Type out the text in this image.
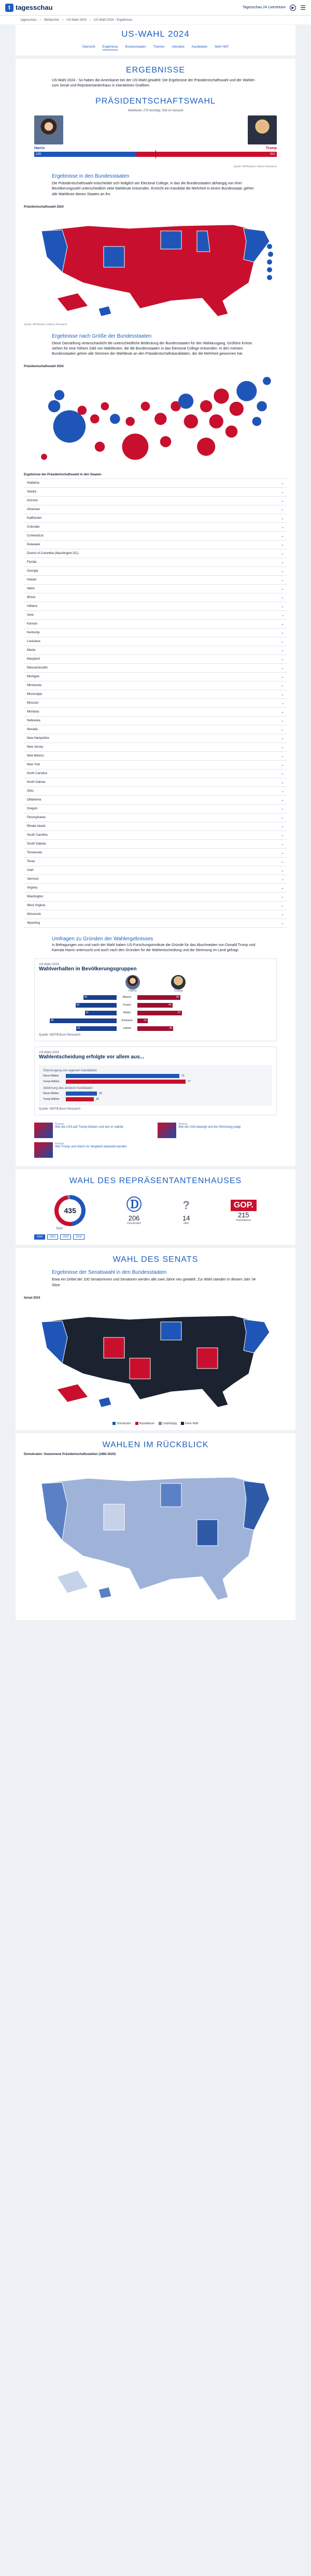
t tagesschau	Tagesschau 24 Livestream	▶ ☰
tagesschau › Wahlarchiv › US-Wahl 2024 › US-Wahl 2024 - Ergebnisse
US-WAHL 2024
Übersicht Ergebnisse Bundesstaaten Themen Interaktiv Kandidaten Mehr NEF
ERGEBNISSE
US-Wahl 2024 - So haben die Amerikaner bei der US-Wahl gewählt: Die Ergebnisse der Präsidentschaftswahl und der Wahlen zum Senat und Repräsentantenhaus in interaktiven Grafiken.
PRÄSIDENTSCHAFTSWAHL
Wahlleute: 270 benötigt, 538 im Gesamt
Harris	Trump
226	312
Quelle: AP/Reuters, Edison Research
Ergebnisse in den Bundesstaaten
Die Präsidentschaftswahl entscheidet sich lediglich am Electoral College, in das die Bundesstaaten abhängig von ihrer Bevölkerungszahl unterschiedlich viele Wahlleute entsenden. Erreicht ein Kandidat die Mehrheit in einem Bundesstaat, gehen alle Wahlleute dieses Staates an ihn.
Präsidentschaftswahl 2024
Quelle: AP/Reuters, Edison Research
Ergebnisse nach Größe der Bundesstaaten
Diese Darstellung veranschaulicht die unterschiedliche Bedeutung der Bundesstaaten für den Wahlausgang. Größere Kreise stehen für eine höhere Zahl von Wahlleuten, die die Bundesstaaten in das Electoral College entsenden. In den meisten Bundesstaaten gehen alle Stimmen der Wahlleute an den Präsidentschaftskandidaten, der die Mehrheit gewonnen hat.
Präsidentschaftswahl 2024
Ergebnisse der Präsidentschaftswahl in den Staaten
Alabama	⌄
Alaska	⌄
Arizona	⌄
Arkansas	⌄
Kalifornien	⌄
Colorado	⌄
Connecticut	⌄
Delaware	⌄
District of Columbia (Washington DC)	⌄
Florida	⌄
Georgia	⌄
Hawaii	⌄
Idaho	⌄
Illinois	⌄
Indiana	⌄
Iowa	⌄
Kansas	⌄
Kentucky	⌄
Louisiana	⌄
Maine	⌄
Maryland	⌄
Massachusetts	⌄
Michigan	⌄
Minnesota	⌄
Mississippi	⌄
Missouri	⌄
Montana	⌄
Nebraska	⌄
Nevada	⌄
New Hampshire	⌄
New Jersey	⌄
New Mexico	⌄
New York	⌄
North Carolina	⌄
North Dakota	⌄
Ohio	⌄
Oklahoma	⌄
Oregon	⌄
Pennsylvania	⌄
Rhode Island	⌄
South Carolina	⌄
South Dakota	⌄
Tennessee	⌄
Texas	⌄
Utah	⌄
Vermont	⌄
Virginia	⌄
Washington	⌄
West Virginia	⌄
Wisconsin	⌄
Wyoming	⌄
Umfragen zu Gründen der Wahlergebnisses
In Befragungen von und nach der Wahl haben US-Forschungsinstitute die Gründe für das Abschneiden von Donald Trump und Kamala Harris untersucht und auch nach den Gründen für die Wahlentscheidung und die Stimmung im Land gefragt.
US-Wahl 2024
Wahlverhalten in Bevölkerungsgruppen
Harris	Trump
43	Männer	55
53	Frauen	45
41	Weiße	57
86	Schwarze	13
52	Latinos	46
Quelle: NEP/Edison Research
US-Wahl 2024
Wahlentscheidung erfolgte vor allem aus...
Überzeugung von eigenem Kandidaten
Harris-Wähler	73
Trump-Wähler	77
Ablehnung des anderen Kandidaten
Harris-Wähler	20
Trump-Wähler	18
Quelle: NEP/Edison Research
Analyse
Wie die USA auf Trump blicken und wer er wählte
Analyse
Wie die USA bewegt und die Stimmung prägt
Analyse
Wie Trump und Harris im Vergleich bewertet werden
WAHL DES REPRÄSENTANTENHAUSES
435	Ⓓ
206
Demokraten
?
14
offen
GOP.
215
Republikaner
Sitze
2024	2022	2020	2018
WAHL DES SENATS
Ergebnisse der Senatswahl in den Bundesstaaten
Etwa ein Drittel der 100 Senatorinnen und Senatoren werden alle zwei Jahre neu gewählt. Zur Wahl standen in diesem Jahr 34 Sitze.
Senat 2024
Demokraten	Republikaner	Unabhängig	Keine Wahl
WAHLEN IM RÜCKBLICK
Demokraten: Gewonnene Präsidentschaftswahlen (1892-2020)
